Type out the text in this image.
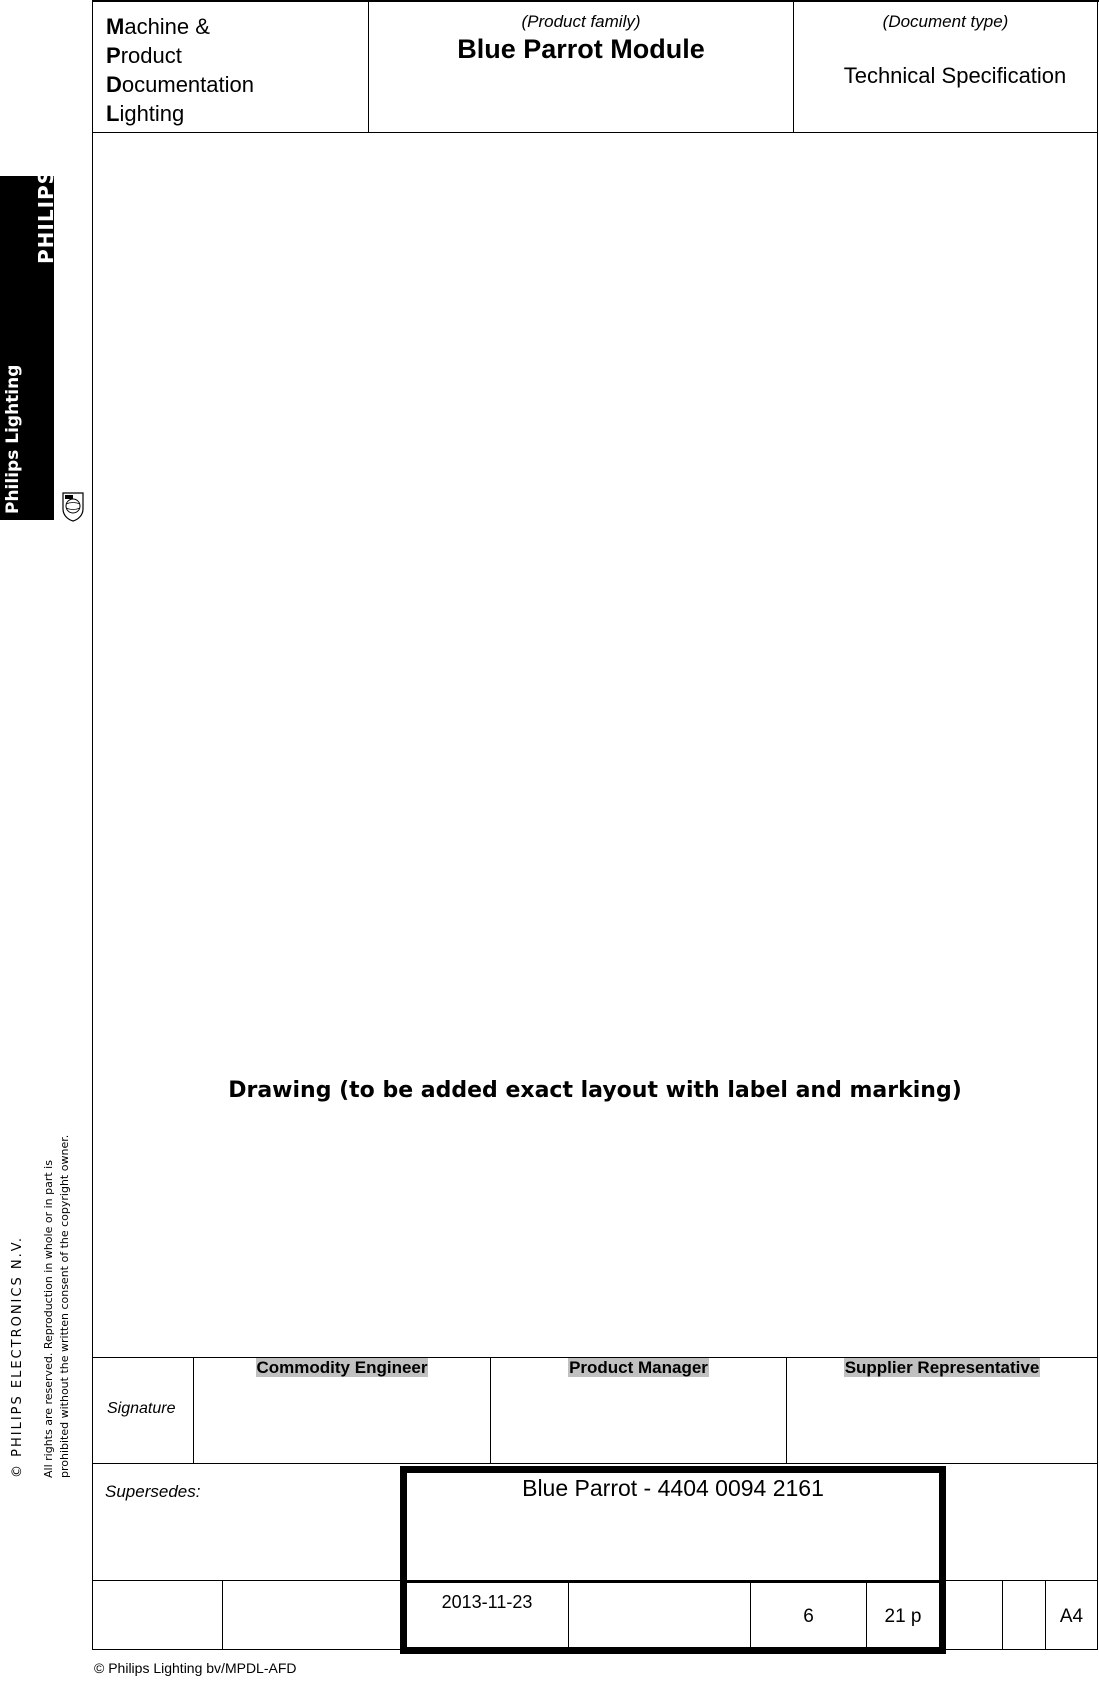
PHILIPS
Philips Lighting
© PHILIPS ELECTRONICS N.V. All rights are reserved. Reproduction in whole or in part is prohibited without the written consent of the copyright owner.
Machine &
Product
Documentation
Lighting
(Product family)
Blue Parrot Module
(Document type)
Technical Specification
Drawing (to be added exact layout with label and marking)
Signature
Commodity Engineer	Product Manager	Supplier Representative
Supersedes:	Blue Parrot - 4404 0094 2161
2013-11-23
6	21 p	A4
© Philips Lighting bv/MPDL-AFD
